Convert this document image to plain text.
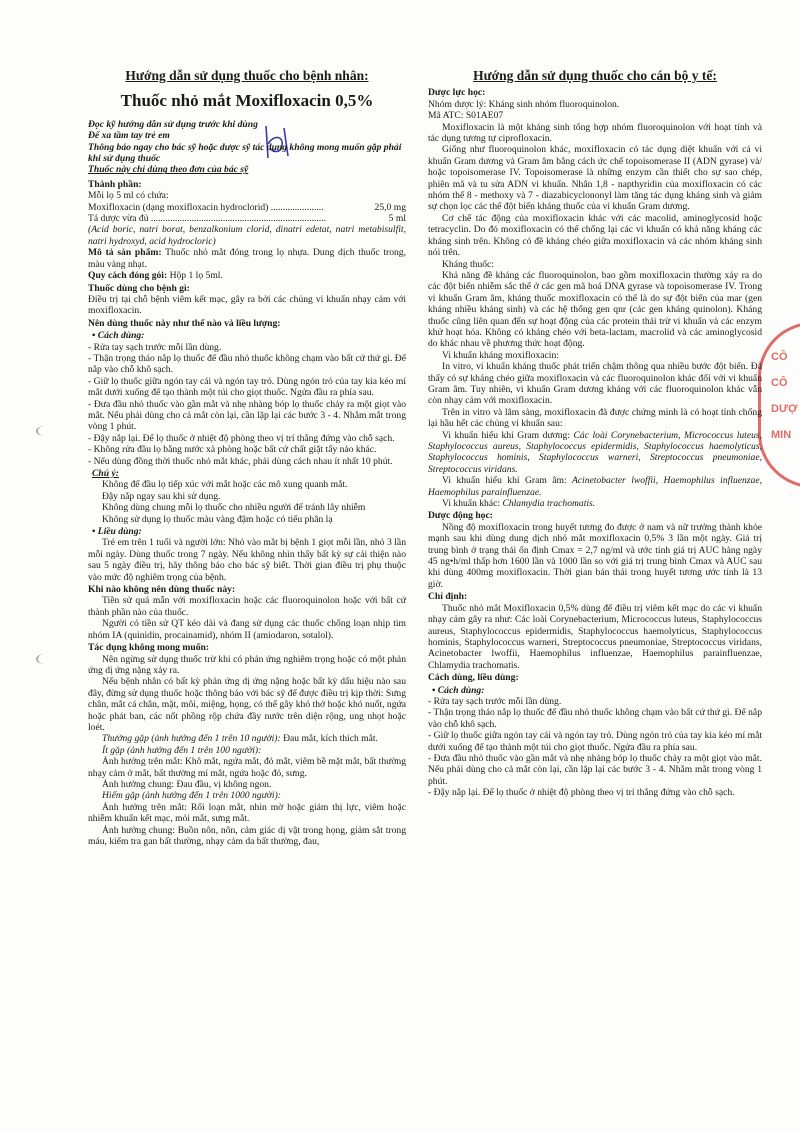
CÔ
CÔ
DƯỢ
MIN

Hướng dẫn sử dụng thuốc cho bệnh nhân:

Thuốc nhỏ mắt Moxifloxacin 0,5%

Đọc kỹ hướng dẫn sử dụng trước khi dùng

Để xa tầm tay trẻ em

Thông báo ngay cho bác sỹ hoặc dược sỹ tác dụng không mong muốn gặp phải khi sử dụng thuốc

Thuốc này chỉ dùng theo đơn của bác sỹ

Thành phần:

Mỗi lọ 5 ml có chứa:

Moxifloxacin (dạng moxifloxacin hydroclorid) ......................	25,0 mg
Tá dược vừa đủ .........................................................................	5 ml

(Acid boric, natri borat, benzalkonium clorid, dinatri edetat, natri metabisulfit, natri hydroxyd, acid hydrocloric)

Mô tả sản phẩm: Thuốc nhỏ mắt đóng trong lọ nhựa. Dung dịch thuốc trong, màu vàng nhạt.

Quy cách đóng gói: Hộp 1 lọ 5ml.

Thuốc dùng cho bệnh gì:

Điều trị tại chỗ bệnh viêm kết mạc, gây ra bởi các chủng vi khuẩn nhạy cảm với moxifloxacin.

Nên dùng thuốc này như thế nào và liều lượng:

• Cách dùng:

- Rửa tay sạch trước mỗi lần dùng.

- Thận trọng tháo nắp lọ thuốc để đầu nhỏ thuốc không chạm vào bất cứ thứ gì. Để nắp vào chỗ khô sạch.

- Giữ lọ thuốc giữa ngón tay cái và ngón tay trỏ. Dùng ngón trỏ của tay kia kéo mí mắt dưới xuống để tạo thành một túi cho giọt thuốc. Ngửa đầu ra phía sau.

- Đưa đầu nhỏ thuốc vào gần mắt và nhẹ nhàng bóp lọ thuốc chảy ra một giọt vào mắt. Nếu phải dùng cho cả mắt còn lại, cần lặp lại các bước 3 - 4. Nhắm mắt trong vòng 1 phút.

- Đậy nắp lại. Để lọ thuốc ở nhiệt độ phòng theo vị trí thẳng đứng vào chỗ sạch.

- Không rửa đầu lọ bằng nước xà phòng hoặc bất cứ chất giặt tẩy nào khác.

- Nếu dùng đồng thời thuốc nhỏ mắt khác, phải dùng cách nhau ít nhất 10 phút.

Chú ý:

Không để đầu lọ tiếp xúc với mắt hoặc các mô xung quanh mắt.

Đậy nắp ngay sau khi sử dụng.

Không dùng chung mỗi lọ thuốc cho nhiều người để tránh lây nhiễm

Không sử dụng lọ thuốc màu vàng đậm hoặc có tiểu phân lạ

• Liều dùng:

Trẻ em trên 1 tuổi và người lớn: Nhỏ vào mắt bị bệnh 1 giọt mỗi lần, nhỏ 3 lần mỗi ngày. Dùng thuốc trong 7 ngày. Nếu không nhìn thấy bất kỳ sự cải thiện nào sau 5 ngày điều trị, hãy thông báo cho bác sỹ biết. Thời gian điều trị phụ thuộc vào mức độ nghiêm trọng của bệnh.

Khi nào không nên dùng thuốc này:

Tiền sử quá mẫn với moxifloxacin hoặc các fluoroquinolon hoặc với bất cứ thành phần nào của thuốc.

Người có tiền sử QT kéo dài và đang sử dụng các thuốc chống loạn nhịp tim nhóm IA (quinidin, procainamid), nhóm II (amiodaron, sotalol).

Tác dụng không mong muốn:

Nên ngừng sử dụng thuốc trừ khi có phản ứng nghiêm trọng hoặc có một phản ứng dị ứng nặng xảy ra.

Nếu bệnh nhân có bất kỳ phản ứng dị ứng nặng hoặc bất kỳ dấu hiệu nào sau đây, đừng sử dụng thuốc hoặc thông báo với bác sỹ để được điều trị kịp thời: Sưng chân, mắt cá chân, mặt, môi, miệng, họng, có thể gây khó thở hoặc khó nuốt, ngứa hoặc phát ban, các nốt phồng rộp chứa đầy nước trên diện rộng, ung nhọt hoặc loét.

Thường gặp (ảnh hưởng đến 1 trên 10 người): Đau mắt, kích thích mắt.

Ít gặp (ảnh hưởng đến 1 trên 100 người):

Ảnh hưởng trên mắt: Khô mắt, ngứa mắt, đỏ mắt, viêm bề mặt mắt, bất thường nhạy cảm ở mắt, bất thường mí mắt, ngứa hoặc đỏ, sưng.

Ảnh hưởng chung: Đau đầu, vị không ngon.

Hiếm gặp (ảnh hưởng đến 1 trên 1000 người):

Ảnh hưởng trên mắt: Rối loạn mắt, nhìn mờ hoặc giảm thị lực, viêm hoặc nhiễm khuẩn kết mạc, mỏi mắt, sưng mắt.

Ảnh hưởng chung: Buồn nôn, nôn, cảm giác dị vật trong họng, giảm sắt trong máu, kiểm tra gan bất thường, nhạy cảm da bất thường, đau,

Hướng dẫn sử dụng thuốc cho cán bộ y tế:

Dược lực học:

Nhóm dược lý: Kháng sinh nhóm fluoroquinolon.

Mã ATC: S01AE07

Moxifloxacin là một kháng sinh tổng hợp nhóm fluoroquinolon với hoạt tính và tác dụng tương tự ciprofloxacin.

Giống như fluoroquinolon khác, moxifloxacin có tác dụng diệt khuẩn với cả vi khuẩn Gram dương và Gram âm bằng cách ức chế topoisomerase II (ADN gyrase) và/ hoặc topoisomerase IV. Topoisomerase là những enzym cần thiết cho sự sao chép, phiên mã và tu sửa ADN vi khuẩn. Nhân 1,8 - napthyridin của moxifloxacin có các nhóm thế 8 - methoxy và 7 - diazabicyclononyl làm tăng tác dụng kháng sinh và giảm sự chọn lọc các thể đột biến kháng thuốc của vi khuẩn Gram dương.

Cơ chế tác động của moxifloxacin khác với các macolid, aminoglycosid hoặc tetracyclin. Do đó moxifloxacin có thể chống lại các vi khuẩn có khả năng kháng các kháng sinh trên. Không có đề kháng chéo giữa moxifloxacin và các nhóm kháng sinh nói trên.

Kháng thuốc:

Khả năng đề kháng các fluoroquinolon, bao gồm moxifloxacin thường xảy ra do các đột biến nhiễm sắc thể ở các gen mã hoá DNA gyrase và topoisomerase IV. Trong vi khuẩn Gram âm, kháng thuốc moxifloxacin có thể là do sự đột biến của mar (gen kháng nhiều kháng sinh) và các hệ thống gen qnr (các gen kháng quinolon). Kháng thuốc cũng liên quan đến sự hoạt động của các protein thải trừ vi khuẩn và các enzym khử hoạt hóa. Không có kháng chéo với beta-lactam, macrolid và các aminoglycosid do khác nhau về phương thức hoạt động.

Vi khuẩn kháng moxifloxacin:

In vitro, vi khuẩn kháng thuốc phát triển chậm thông qua nhiều bước đột biến. Đã thấy có sự kháng chéo giữa moxifloxacin và các fluoroquinolon khác đối với vi khuẩn Gram âm. Tuy nhiên, vi khuẩn Gram dương kháng với các fluoroquinolon khác vẫn còn nhạy cảm với moxifloxacin.

Trên in vitro và lâm sàng, moxifloxacin đã được chứng minh là có hoạt tính chống lại hầu hết các chủng vi khuẩn sau:

Vi khuẩn hiếu khí Gram dương: Các loài Corynebacterium, Micrococcus luteus, Staphylococcus aureus, Staphylococcus epidermidis, Staphylococcus haemolyticus, Staphylococcus hominis, Staphylococcus warneri, Streptococcus pneumoniae, Streptococcus viridans.

Vi khuẩn hiếu khí Gram âm: Acinetobacter lwoffii, Haemophilus influenzae, Haemophilus parainfluenzae.

Vi khuẩn khác: Chlamydia trachomatis.

Dược động học:

Nồng độ moxifloxacin trong huyết tương đo được ở nam và nữ trưởng thành khỏe mạnh sau khi dùng dung dịch nhỏ mắt moxifloxacin 0,5% 3 lần một ngày. Giá trị trung bình ở trạng thái ổn định Cmax = 2,7 ng/ml và ước tính giá trị AUC hàng ngày 45 ng•h/ml thấp hơn 1600 lần và 1000 lần so với giá trị trung bình Cmax và AUC sau khi dùng 400mg moxifloxacin. Thời gian bán thải trong huyết tương ước tính là 13 giờ.

Chỉ định:

Thuốc nhỏ mắt Moxifloxacin 0,5% dùng để điều trị viêm kết mạc do các vi khuẩn nhạy cảm gây ra như: Các loài Corynebacterium, Micrococcus luteus, Staphylococcus aureus, Staphylococcus epidermidis, Staphylococcus haemolyticus, Staphylococcus hominis, Staphylococcus warneri, Streptococcus pneumoniae, Streptococcus viridans, Acinetobacter lwoffii, Haemophilus influenzae, Haemophilus parainfluenzae, Chlamydia trachomatis.

Cách dùng, liều dùng:

• Cách dùng:

- Rửa tay sạch trước mỗi lần dùng.

- Thận trọng tháo nắp lọ thuốc để đầu nhỏ thuốc không chạm vào bất cứ thứ gì. Để nắp vào chỗ khô sạch.

- Giữ lọ thuốc giữa ngón tay cái và ngón tay trỏ. Dùng ngón trỏ của tay kia kéo mí mắt dưới xuống để tạo thành một túi cho giọt thuốc. Ngửa đầu ra phía sau.

- Đưa đầu nhỏ thuốc vào gần mắt và nhẹ nhàng bóp lọ thuốc chảy ra một giọt vào mắt. Nếu phải dùng cho cả mắt còn lại, cần lặp lại các bước 3 - 4. Nhắm mắt trong vòng 1 phút.

- Đậy nắp lại. Để lọ thuốc ở nhiệt độ phòng theo vị trí thẳng đứng vào chỗ sạch.
